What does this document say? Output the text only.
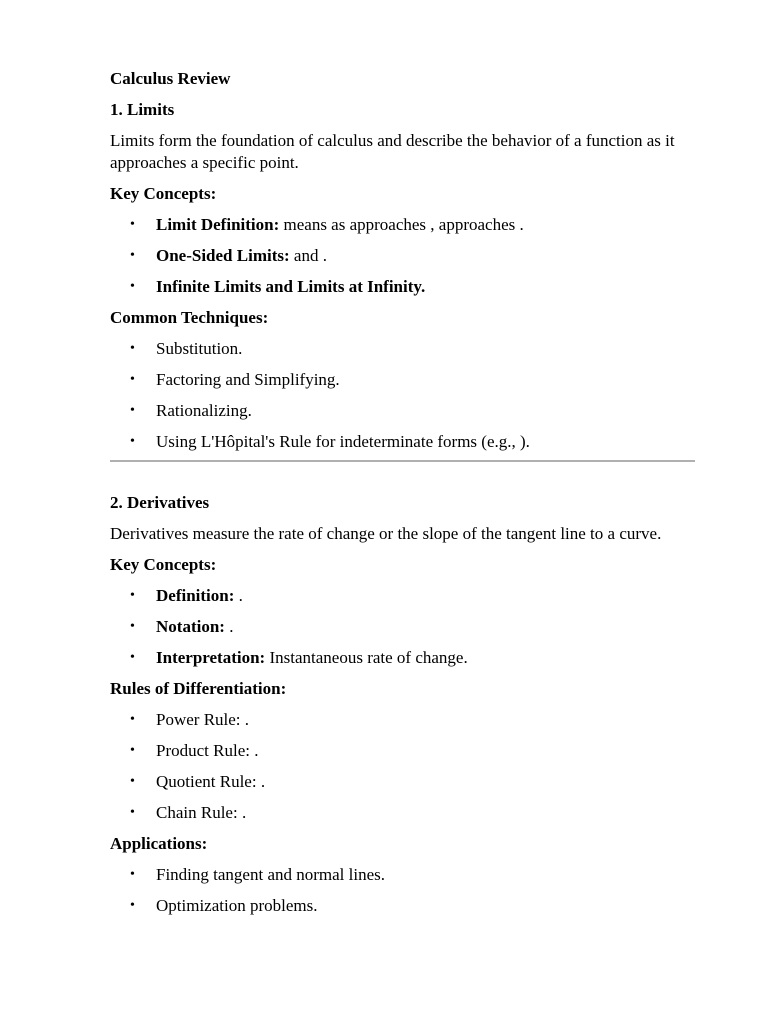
Calculus Review

1. Limits

Limits form the foundation of calculus and describe the behavior of a function as it approaches a specific point.

Key Concepts:

• Limit Definition: means as approaches , approaches .
• One-Sided Limits: and .
• Infinite Limits and Limits at Infinity.

Common Techniques:

• Substitution.
• Factoring and Simplifying.
• Rationalizing.
• Using L'Hôpital's Rule for indeterminate forms (e.g., ).

2. Derivatives

Derivatives measure the rate of change or the slope of the tangent line to a curve.

Key Concepts:

• Definition: .
• Notation: .
• Interpretation: Instantaneous rate of change.

Rules of Differentiation:

• Power Rule: .
• Product Rule: .
• Quotient Rule: .
• Chain Rule: .

Applications:

• Finding tangent and normal lines.
• Optimization problems.
